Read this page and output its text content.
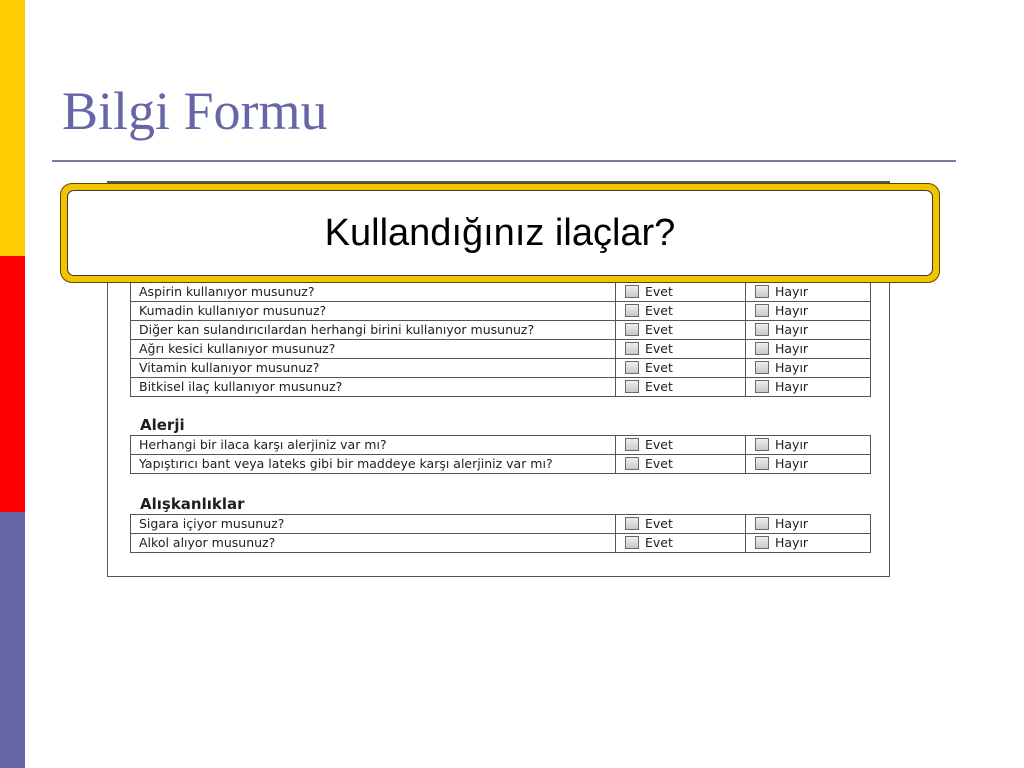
Bilgi Formu
Aspirin kullanıyor musunuz?	Evet	Hayır
Kumadin kullanıyor musunuz?	Evet	Hayır
Diğer kan sulandırıcılardan herhangi birini kullanıyor musunuz?	Evet	Hayır
Ağrı kesici kullanıyor musunuz?	Evet	Hayır
Vitamin kullanıyor musunuz?	Evet	Hayır
Bitkisel ilaç kullanıyor musunuz?	Evet	Hayır
Alerji
Herhangi bir ilaca karşı alerjiniz var mı?	Evet	Hayır
Yapıştırıcı bant veya lateks gibi bir maddeye karşı alerjiniz var mı?	Evet	Hayır
Alışkanlıklar
Sigara içiyor musunuz?	Evet	Hayır
Alkol alıyor musunuz?	Evet	Hayır
Kullandığınız ilaçlar?
